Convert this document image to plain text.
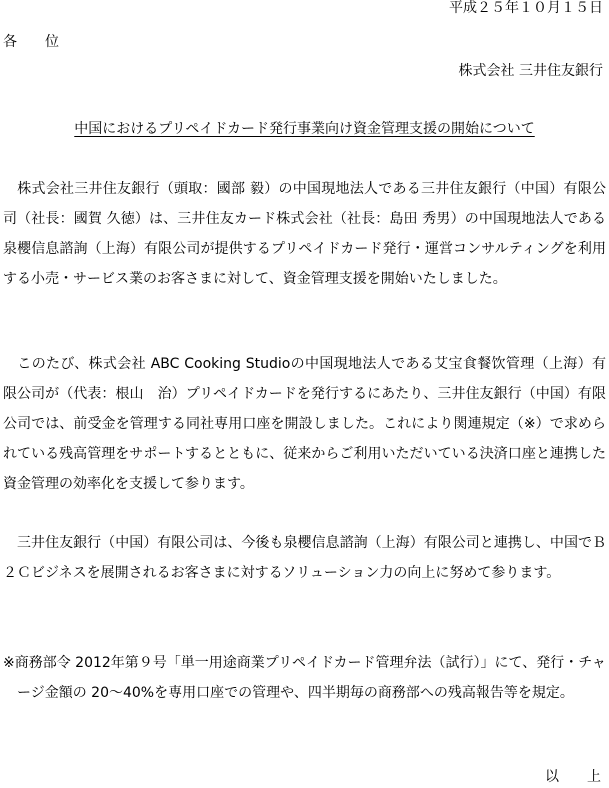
平成２５年１０月１５日
各　　位
株式会社 三井住友銀行
中国におけるプリペイドカード発行事業向け資金管理支援の開始について

　株式会社三井住友銀行（頭取：國部 毅）の中国現地法人である三井住友銀行（中国）有限公司（社長：國賀 久徳）は、三井住友カード株式会社（社長：島田 秀男）の中国現地法人である泉櫻信息諮詢（上海）有限公司が提供するプリペイドカード発行・運営コンサルティングを利用する小売・サービス業のお客さまに対して、資金管理支援を開始いたしました。

　このたび、株式会社 ABC Cooking Studioの中国現地法人である艾宝食餐饮管理（上海）有限公司が（代表：根山　治）プリペイドカードを発行するにあたり、三井住友銀行（中国）有限公司では、前受金を管理する同社専用口座を開設しました。これにより関連規定（※）で求められている残高管理をサポートするとともに、従来からご利用いただいている決済口座と連携した資金管理の効率化を支援して参ります。

　三井住友銀行（中国）有限公司は、今後も泉櫻信息諮詢（上海）有限公司と連携し、中国でＢ２Ｃビジネスを展開されるお客さまに対するソリューション力の向上に努めて参ります。

※商務部令 2012年第９号「単一用途商業プリペイドカード管理弁法（試行）」にて、発行・チャージ金額の 20～40%を専用口座での管理や、四半期毎の商務部への残高報告等を規定。

以　　上
